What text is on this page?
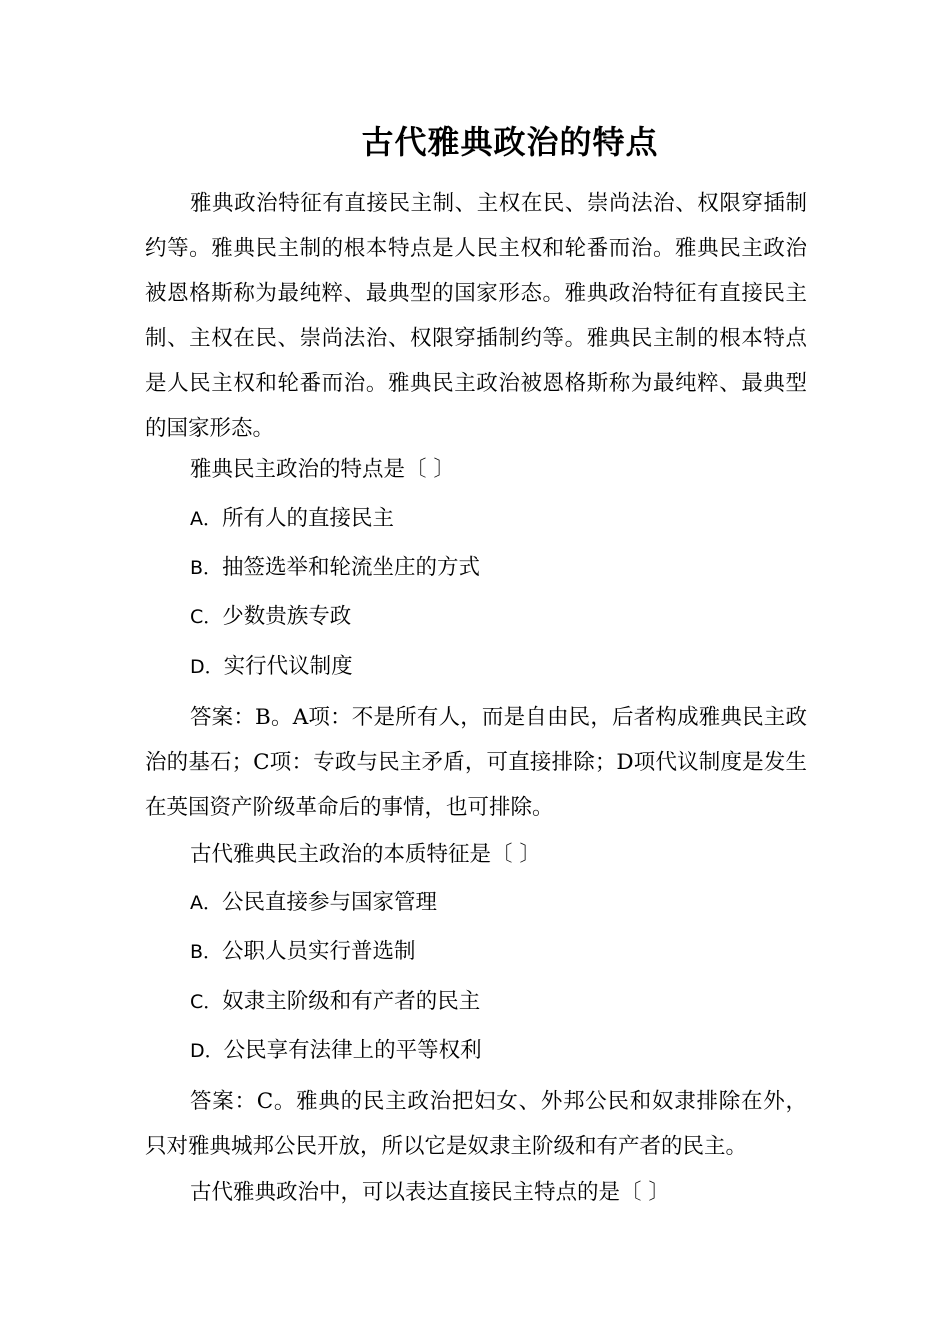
古代雅典政治的特点

雅典政治特征有直接民主制、主权在民、崇尚法治、权限穿插制约等。雅典民主制的根本特点是人民主权和轮番而治。雅典民主政治被恩格斯称为最纯粹、最典型的国家形态。雅典政治特征有直接民主制、主权在民、崇尚法治、权限穿插制约等。雅典民主制的根本特点是人民主权和轮番而治。雅典民主政治被恩格斯称为最纯粹、最典型的国家形态。

雅典民主政治的特点是〔 〕

A．所有人的直接民主

B．抽签选举和轮流坐庄的方式

C．少数贵族专政

D．实行代议制度

答案：B。A项：不是所有人，而是自由民，后者构成雅典民主政治的基石；C项：专政与民主矛盾，可直接排除；D项代议制度是发生在英国资产阶级革命后的事情，也可排除。

古代雅典民主政治的本质特征是〔 〕

A．公民直接参与国家管理

B．公职人员实行普选制

C．奴隶主阶级和有产者的民主

D．公民享有法律上的平等权利

答案：C。雅典的民主政治把妇女、外邦公民和奴隶排除在外，只对雅典城邦公民开放，所以它是奴隶主阶级和有产者的民主。

古代雅典政治中，可以表达直接民主特点的是〔 〕
